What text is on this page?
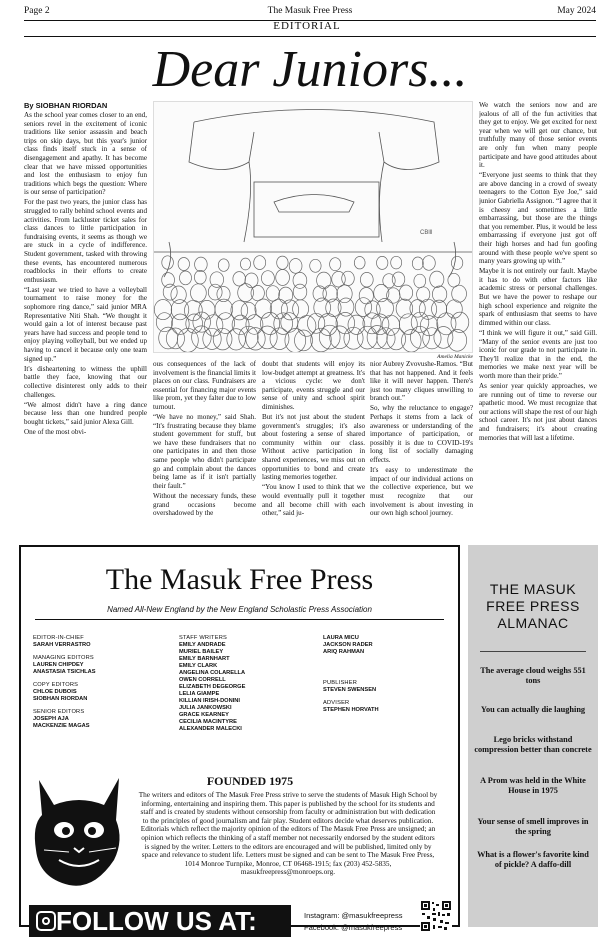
Page 2	The Masuk Free Press	May 2024
EDITORIAL
Dear Juniors...
By SIOBHAN RIORDAN

As the school year comes closer to an end, seniors revel in the excitement of iconic traditions like senior assassin and beach trips on skip days, but this year's junior class finds itself stuck in a sense of disengagement and apathy. It has become clear that we have missed opportunities and lost the enthusiasm to enjoy fun traditions which begs the question: Where is our sense of participation?

For the past two years, the junior class has struggled to rally behind school events and activities. From lackluster ticket sales for class dances to little participation in fundraising events, it seems as though we are stuck in a cycle of indifference. Student government, tasked with throwing these events, has encountered numerous roadblocks in their efforts to create enthusiasm.

“Last year we tried to have a volleyball tournament to raise money for the sophomore ring dance,” said junior MRA Representative Niti Shah. “We thought it would gain a lot of interest because past years have had success and people tend to enjoy playing volleyball, but we ended up having to cancel it because only one team signed up.”

It's disheartening to witness the uphill battle they face, knowing that our collective disinterest only adds to their challenges.

“We almost didn't have a ring dance because less than one hundred people bought tickets,” said junior Alexa Gill.

One of the most obvi-

CBlll
Amelia Manicke

ous consequences of the lack of involvement is the financial limits it places on our class. Fundraisers are essential for financing major events like prom, yet they falter due to low turnout.

“We have no money,” said Shah. “It's frustrating because they blame student government for stuff, but we have these fundraisers that no one participates in and then those same people who didn't participate go and complain about the dances being lame as if it isn't partially their fault.”

Without the necessary funds, these grand occasions become overshadowed by the

doubt that students will enjoy its low-budget attempt at greatness. It's a vicious cycle: we don't participate, events struggle and our sense of unity and school spirit diminishes.

But it's not just about the student government's struggles; it's also about fostering a sense of shared community within our class. Without active participation in shared experiences, we miss out on opportunities to bond and create lasting memories together.

“You know I used to think that we would eventually pull it together and all become chill with each other,” said ju-

nior Aubrey Zvovushe-Ramos. “But that has not happened. And it feels like it will never happen. There's just too many cliques unwilling to branch out.”

So, why the reluctance to engage? Perhaps it stems from a lack of awareness or understanding of the importance of participation, or possibly it is due to COVID-19's long list of socially damaging effects.

It's easy to underestimate the impact of our individual actions on the collective experience, but we must recognize that our involvement is about investing in our own high school journey.

We watch the seniors now and are jealous of all of the fun activities that they get to enjoy. We get excited for next year when we will get our chance, but truthfully many of those senior events are only fun when many people participate and have good attitudes about it.

“Everyone just seems to think that they are above dancing in a crowd of sweaty teenagers to the Cotton Eye Joe,” said junior Gabriella Assignon. “I agree that it is cheesy and sometimes a little embarrassing, but those are the things that you remember. Plus, it would be less embarrassing if everyone just got off their high horses and had fun goofing around with these people we've spent so many years growing up with.”

Maybe it is not entirely our fault. Maybe it has to do with other factors like academic stress or personal challenges. But we have the power to reshape our high school experience and reignite the spark of enthusiasm that seems to have dimmed within our class.

“I think we will figure it out,” said Gill. “Many of the senior events are just too iconic for our grade to not participate in. They'll realize that in the end, the memories we make next year will be worth more than their pride.”

As senior year quickly approaches, we are running out of time to reverse our apathetic mood. We must recognize that our actions will shape the rest of our high school career. It's not just about dances and fundraisers; it's about creating memories that will last a lifetime.

The Masuk Free Press
Named All-New England by the New England Scholastic Press Association
EDITOR-IN-CHIEF
SARAH VERRASTRO
MANAGING EDITORS
LAUREN CHIPDEY
ANASTASIA TSICHLAS
COPY EDITORS
CHLOE DUBOIS
SIOBHAN RIORDAN
SENIOR EDITORS
JOSEPH AJA
MACKENZIE MAGAS
STAFF WRITERS
EMILY ANDRADE
MURIEL BAILEY
EMILY BARNHART
EMILY CLARK
ANGELINA COLARELLA
OWEN CORRELL
ELIZABETH DEGEORGE
LELIA GIAMPE
KILLIAN IRISH-DONINI
JULIA JANKOWSKI
GRACE KEARNEY
CECILIA MACINTYRE
ALEXANDER MALECKI
LAURA MICU
JACKSON RADER
ARIQ RAHMAN
PUBLISHER
STEVEN SWENSEN
ADVISER
STEPHEN HORVATH
FOUNDED 1975
The writers and editors of The Masuk Free Press strive to serve the students of Masuk High School by informing, entertaining and inspiring them. This paper is published by the school for its students and staff and is created by students without censorship from faculty or administration but with dedication to the principles of good journalism and fair play. Student editors decide what deserves publication. Editorials which reflect the majority opinion of the editors of The Masuk Free Press are unsigned; an opinion which reflects the thinking of a staff member not necessarily endorsed by the student editors is signed by the writer. Letters to the editors are encouraged and will be published, limited only by space and relevance to student life. Letters must be signed and can be sent to The Masuk Free Press, 1014 Monroe Turnpike, Monroe, CT 06468-1915; fax (203) 452-5835, masukfreepress@monroeps.org.
FOLLOW US AT:	Instagram: @masukfreepress
Facebook: @masukfreepress
THE MASUK
FREE PRESS
ALMANAC
The average cloud weighs 551 tons
You can actually die laughing
Lego bricks withstand compression better than concrete
A Prom was held in the White House in 1975
Your sense of smell improves in the spring
What is a flower's favorite kind of pickle? A daffo-dill
